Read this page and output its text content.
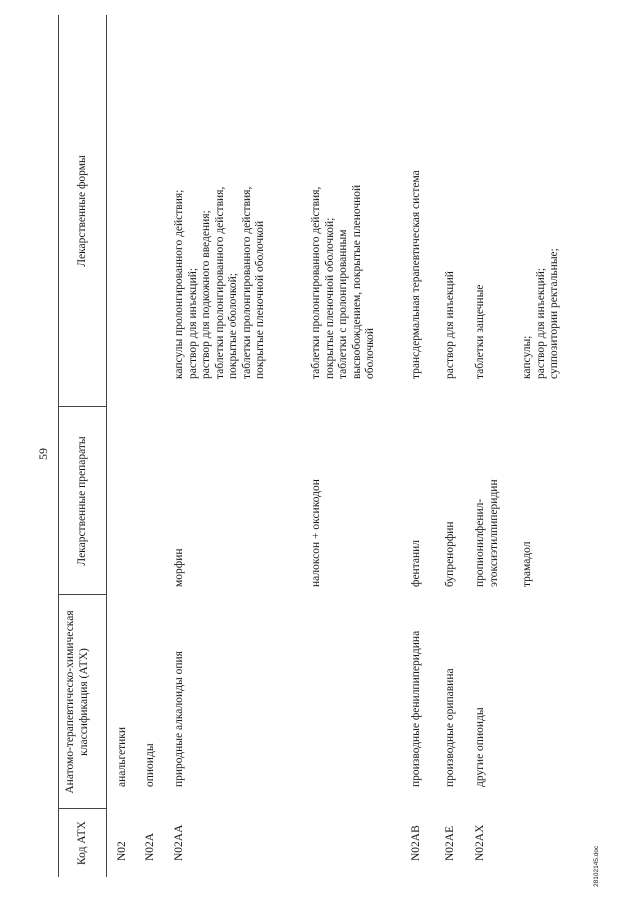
59
Код АТХ
Анатомо-терапевтическо-химическая классификация (АТХ)
Лекарственные препараты
Лекарственные формы
N02
анальгетики
N02A
опиоиды
N02AA
природные алкалоиды опия
морфин
капсулы пролонгированного действия; раствор для инъекций; раствор для подкожного введения; таблетки пролонгированного действия, покрытые оболочкой; таблетки пролонгированного действия, покрытые пленочной оболочкой
налоксон + оксикодон
таблетки пролонгированного действия, покрытые пленочной оболочкой; таблетки с пролонгированным высвобождением, покрытые пленочной оболочкой
N02AB
производные фенилпиперидина
фентанил
трансдермальная терапевтическая система
N02AE
производные орипавина
бупренорфин
раствор для инъекций
N02AX
другие опиоиды
пропионилфенил- этоксиэтилпиперидин
таблетки защечные
трамадол
капсулы; раствор для инъекций; суппозитории ректальные;
28102145.doc
